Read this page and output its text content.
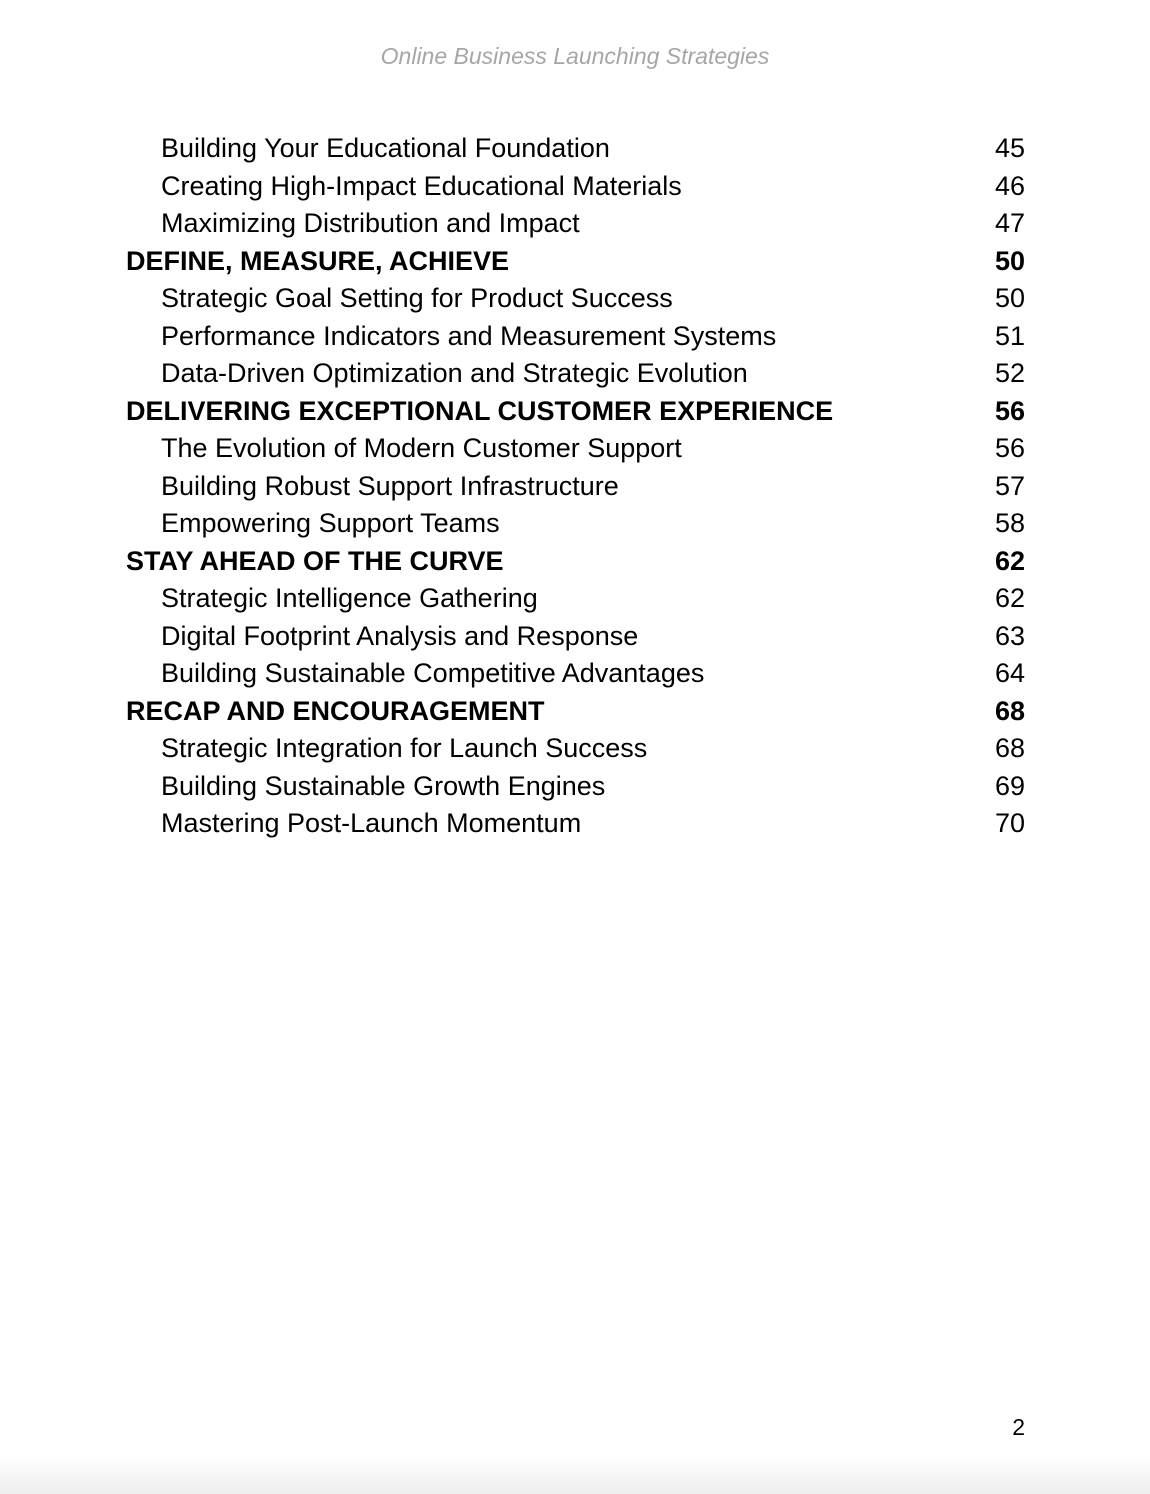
Online Business Launching Strategies
Building Your Educational Foundation	45
Creating High-Impact Educational Materials	46
Maximizing Distribution and Impact	47
DEFINE, MEASURE, ACHIEVE	50
Strategic Goal Setting for Product Success	50
Performance Indicators and Measurement Systems	51
Data-Driven Optimization and Strategic Evolution	52
DELIVERING EXCEPTIONAL CUSTOMER EXPERIENCE	56
The Evolution of Modern Customer Support	56
Building Robust Support Infrastructure	57
Empowering Support Teams	58
STAY AHEAD OF THE CURVE	62
Strategic Intelligence Gathering	62
Digital Footprint Analysis and Response	63
Building Sustainable Competitive Advantages	64
RECAP AND ENCOURAGEMENT	68
Strategic Integration for Launch Success	68
Building Sustainable Growth Engines	69
Mastering Post-Launch Momentum	70
2
